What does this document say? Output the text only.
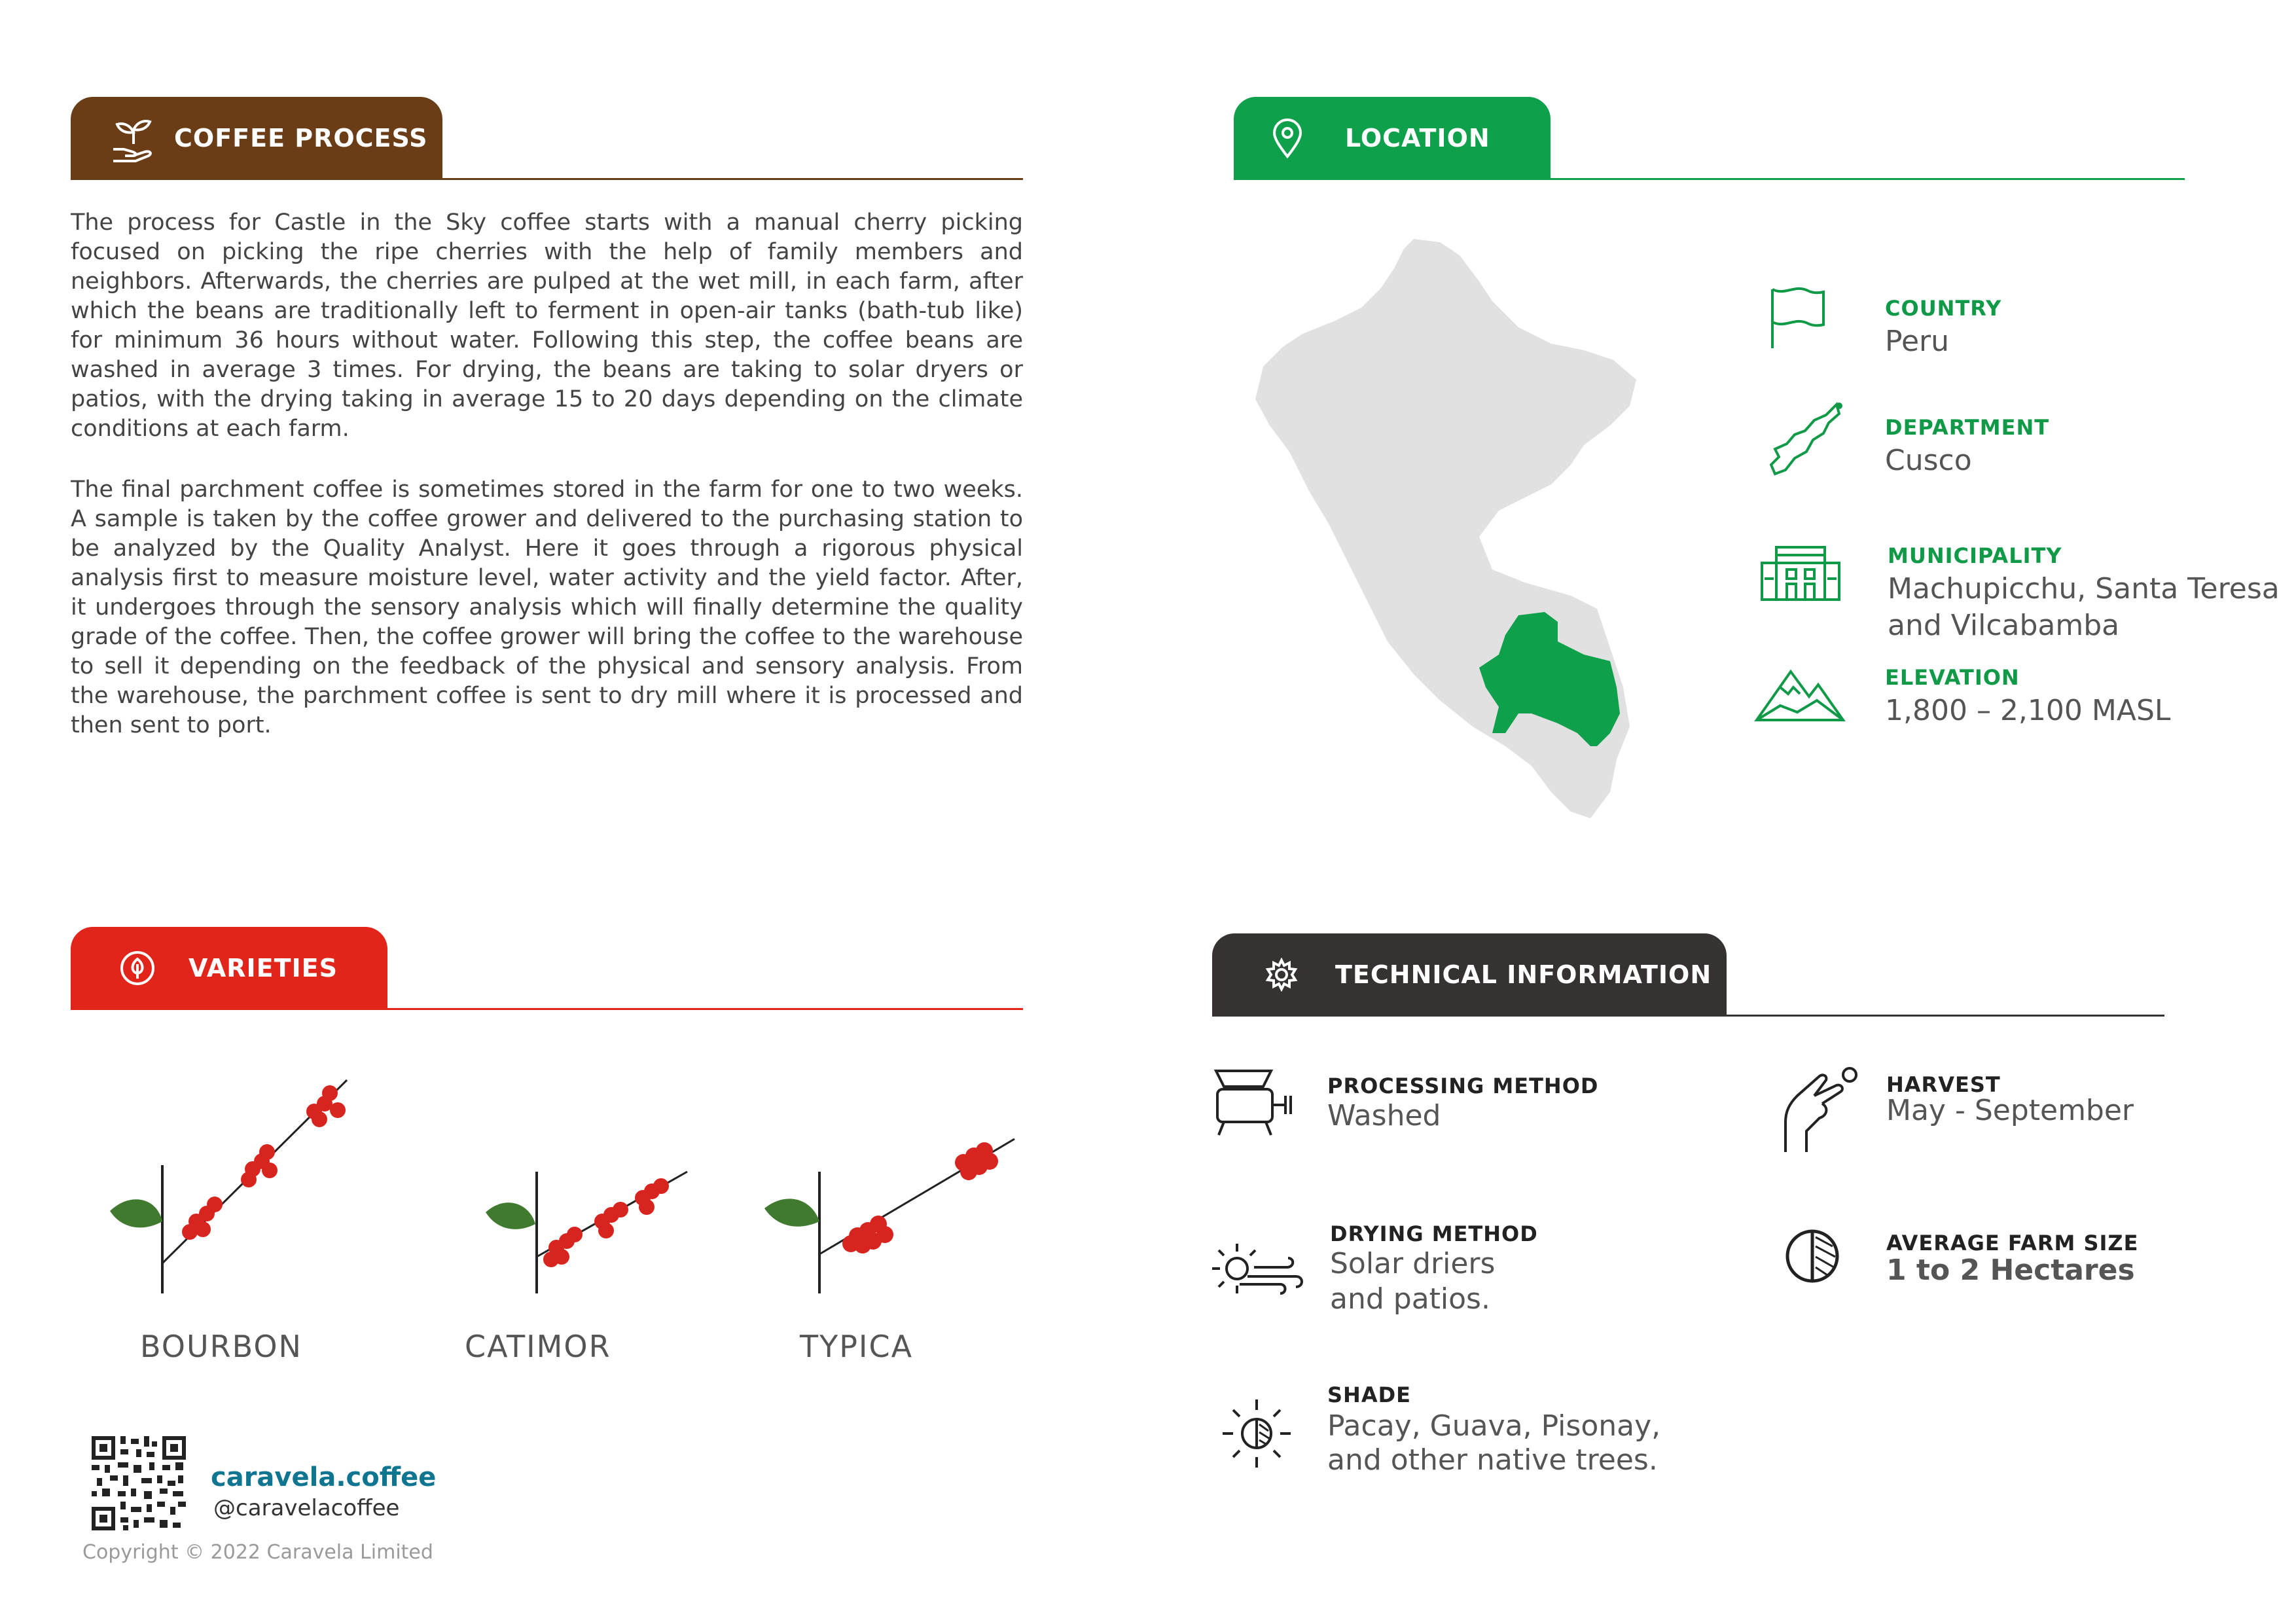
COFFEE PROCESS
The process for Castle in the Sky coffee starts with a manual cherry picking focused on picking the ripe cherries with the help of family members and neighbors. Afterwards, the cherries are pulped at the wet mill, in each farm, after which the beans are traditionally left to ferment in open-air tanks (bath-tub like) for minimum 36 hours without water. Following this step, the coffee beans are washed in average 3 times. For drying, the beans are taking to solar dryers or patios, with the drying taking in average 15 to 20 days depending on the climate conditions at each farm.
The final parchment coffee is sometimes stored in the farm for one to two weeks. A sample is taken by the coffee grower and delivered to the purchasing station to be analyzed by the Quality Analyst. Here it goes through a rigorous physical analysis first to measure moisture level, water activity and the yield factor. After, it undergoes through the sensory analysis which will finally determine the quality grade of the coffee. Then, the coffee grower will bring the coffee to the warehouse to sell it depending on the feedback of the physical and sensory analysis. From the warehouse, the parchment coffee is sent to dry mill where it is processed and then sent to port.
LOCATION
COUNTRY
Peru
DEPARTMENT
Cusco
MUNICIPALITY
Machupicchu, Santa Teresa
and Vilcabamba
ELEVATION
1,800 – 2,100 MASL
VARIETIES
BOURBON	CATIMOR	TYPICA
TECHNICAL INFORMATION
PROCESSING METHOD
Washed
HARVEST
May - September
DRYING METHOD
Solar driers
and patios.
AVERAGE FARM SIZE
1 to 2 Hectares
SHADE
Pacay, Guava, Pisonay,
and other native trees.
caravela.coffee
@caravelacoffee
Copyright © 2022 Caravela Limited
